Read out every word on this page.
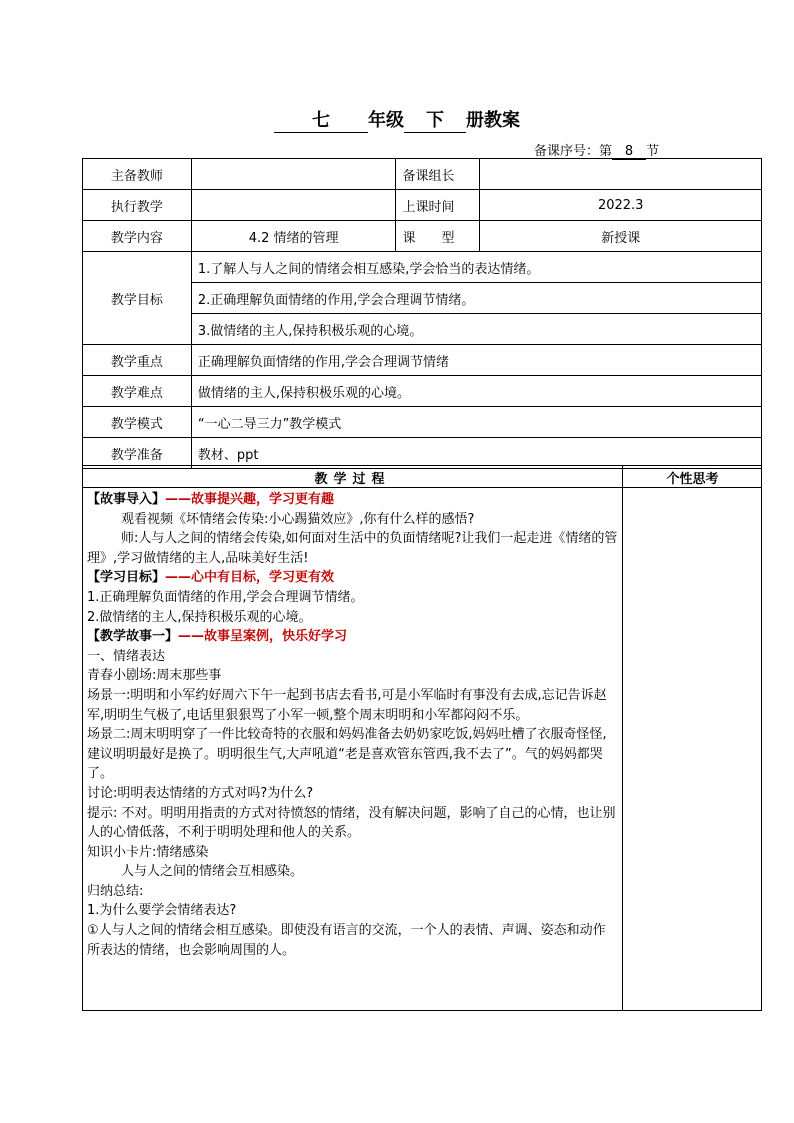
七 年级 下 册教案
备课序号：第 8 节
主备教师		备课组长	
执行教学		上课时间	2022.3
教学内容	4.2 情绪的管理	课　　型	新授课
教学目标	1.了解人与人之间的情绪会相互感染,学会恰当的表达情绪。		
	2.正确理解负面情绪的作用,学会合理调节情绪。		
	3.做情绪的主人,保持积极乐观的心境。		
教学重点	正确理解负面情绪的作用,学会合理调节情绪		
教学难点	做情绪的主人,保持积极乐观的心境。		
教学模式	“一心二导三力”教学模式		
教学准备	教材、ppt		
教学过程	个性思考

【故事导入】——故事提兴趣，学习更有趣

观看视频《坏情绪会传染:小心踢猫效应》,你有什么样的感悟?

师:人与人之间的情绪会传染,如何面对生活中的负面情绪呢?让我们一起走进《情绪的管理》,学习做情绪的主人,品味美好生活!

【学习目标】——心中有目标，学习更有效

1.正确理解负面情绪的作用,学会合理调节情绪。

2.做情绪的主人,保持积极乐观的心境。

【教学故事一】——故事呈案例，快乐好学习

一、情绪表达

青春小剧场:周末那些事

场景一:明明和小军约好周六下午一起到书店去看书,可是小军临时有事没有去成,忘记告诉赵军,明明生气极了,电话里狠狠骂了小军一顿,整个周末明明和小军都闷闷不乐。

场景二:周末明明穿了一件比较奇特的衣服和妈妈准备去奶奶家吃饭,妈妈吐槽了衣服奇怪怪,建议明明最好是换了。明明很生气,大声吼道“老是喜欢管东管西,我不去了”。气的妈妈都哭了。

讨论:明明表达情绪的方式对吗?为什么?

提示: 不对。明明用指责的方式对待愤怒的情绪，没有解决问题，影响了自己的心情，也让别人的心情低落，不利于明明处理和他人的关系。

知识小卡片:情绪感染

人与人之间的情绪会互相感染。

归纳总结:

1.为什么要学会情绪表达?

①人与人之间的情绪会相互感染。即使没有语言的交流，一个人的表情、声调、姿态和动作所表达的情绪，也会影响周围的人。
